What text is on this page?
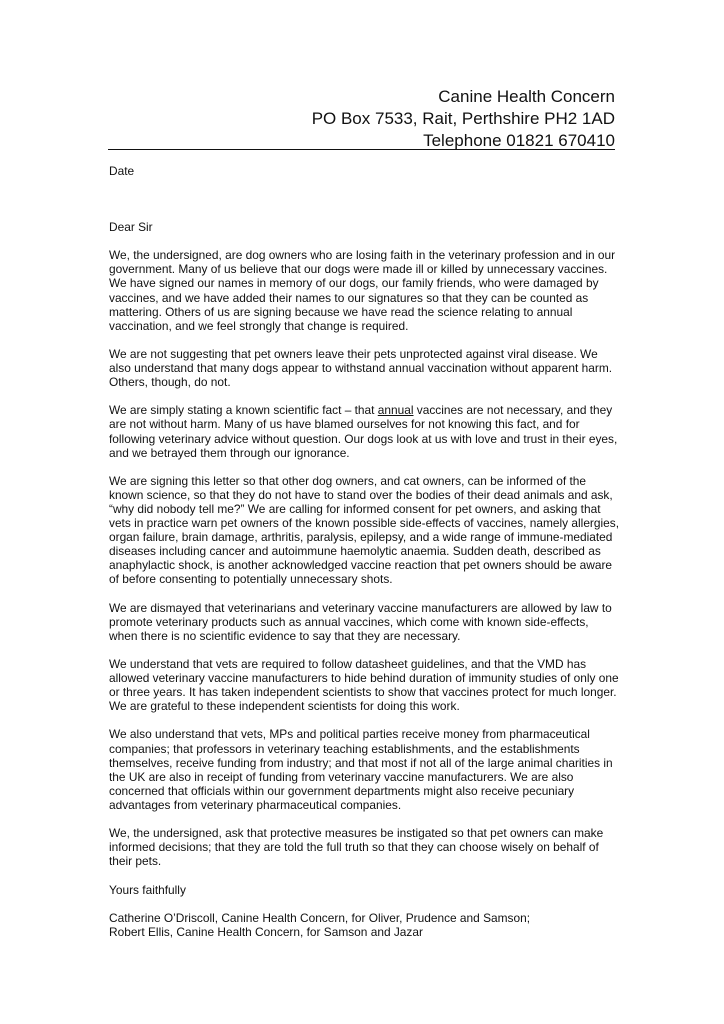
Canine Health Concern
PO Box 7533, Rait, Perthshire PH2 1AD
Telephone 01821 670410
Date
Dear Sir

We, the undersigned, are dog owners who are losing faith in the veterinary profession and in our government. Many of us believe that our dogs were made ill or killed by unnecessary vaccines. We have signed our names in memory of our dogs, our family friends, who were damaged by vaccines, and we have added their names to our signatures so that they can be counted as mattering. Others of us are signing because we have read the science relating to annual vaccination, and we feel strongly that change is required.

We are not suggesting that pet owners leave their pets unprotected against viral disease. We also understand that many dogs appear to withstand annual vaccination without apparent harm. Others, though, do not.

We are simply stating a known scientific fact – that annual vaccines are not necessary, and they are not without harm. Many of us have blamed ourselves for not knowing this fact, and for following veterinary advice without question. Our dogs look at us with love and trust in their eyes, and we betrayed them through our ignorance.

We are signing this letter so that other dog owners, and cat owners, can be informed of the known science, so that they do not have to stand over the bodies of their dead animals and ask, “why did nobody tell me?” We are calling for informed consent for pet owners, and asking that vets in practice warn pet owners of the known possible side-effects of vaccines, namely allergies, organ failure, brain damage, arthritis, paralysis, epilepsy, and a wide range of immune-mediated diseases including cancer and autoimmune haemolytic anaemia. Sudden death, described as anaphylactic shock, is another acknowledged vaccine reaction that pet owners should be aware of before consenting to potentially unnecessary shots.

We are dismayed that veterinarians and veterinary vaccine manufacturers are allowed by law to promote veterinary products such as annual vaccines, which come with known side-effects, when there is no scientific evidence to say that they are necessary.

We understand that vets are required to follow datasheet guidelines, and that the VMD has allowed veterinary vaccine manufacturers to hide behind duration of immunity studies of only one or three years. It has taken independent scientists to show that vaccines protect for much longer. We are grateful to these independent scientists for doing this work.

We also understand that vets, MPs and political parties receive money from pharmaceutical companies; that professors in veterinary teaching establishments, and the establishments themselves, receive funding from industry; and that most if not all of the large animal charities in the UK are also in receipt of funding from veterinary vaccine manufacturers. We are also concerned that officials within our government departments might also receive pecuniary advantages from veterinary pharmaceutical companies.

We, the undersigned, ask that protective measures be instigated so that pet owners can make informed decisions; that they are told the full truth so that they can choose wisely on behalf of their pets.

Yours faithfully

Catherine O’Driscoll, Canine Health Concern, for Oliver, Prudence and Samson;
Robert Ellis, Canine Health Concern, for Samson and Jazar
